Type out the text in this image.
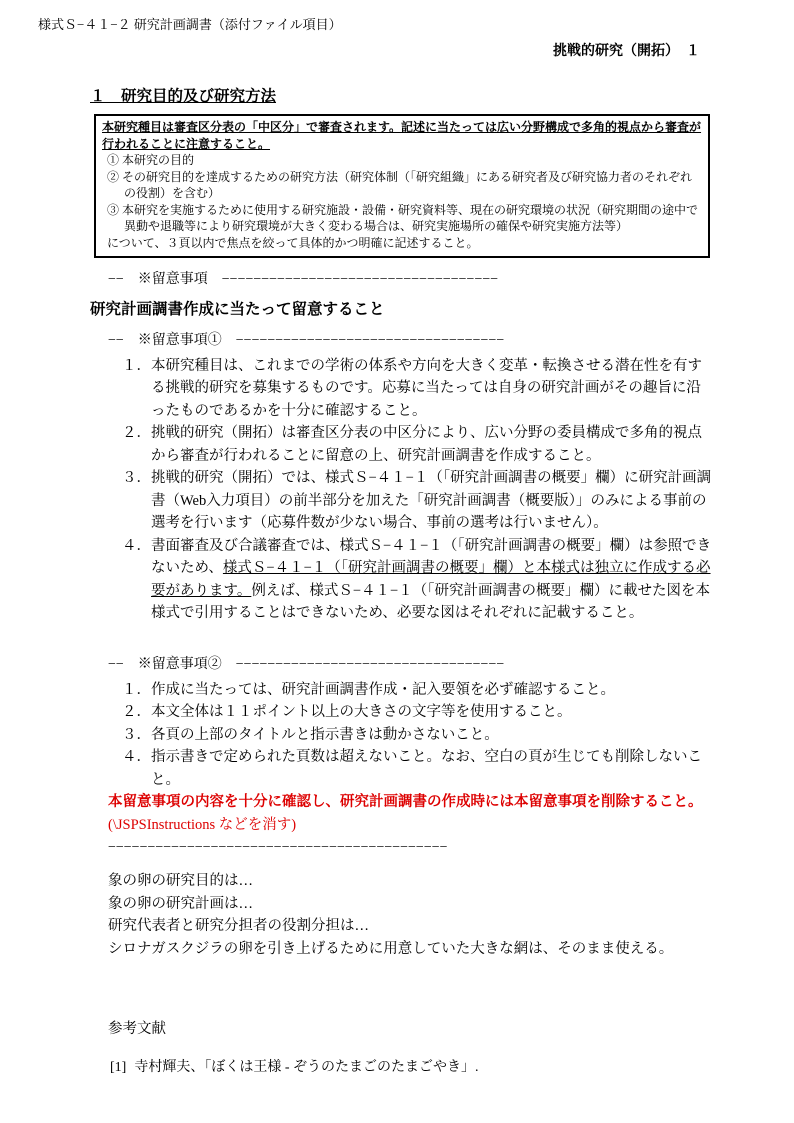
様式Ｓ−４１−２ 研究計画調書（添付ファイル項目）
挑戦的研究（開拓）　１
１　研究目的及び研究方法
本研究種目は審査区分表の「中区分」で審査されます。記述に当たっては広い分野構成で多角的視点から審査が行われることに注意すること。
① 本研究の目的
② その研究目的を達成するための研究方法（研究体制（「研究組織」にある研究者及び研究協力者のそれぞれの役割）を含む）
③ 本研究を実施するために使用する研究施設・設備・研究資料等、現在の研究環境の状況（研究期間の途中で異動や退職等により研究環境が大きく変わる場合は、研究実施場所の確保や研究実施方法等）
について、３頁以内で焦点を絞って具体的かつ明確に記述すること。
−−　※留意事項　−−−−−−−−−−−−−−−−−−−−−−−−−−−−−−−−−−−
研究計画調書作成に当たって留意すること
−−　※留意事項①　−−−−−−−−−−−−−−−−−−−−−−−−−−−−−−−−−−
１．本研究種目は、これまでの学術の体系や方向を大きく変革・転換させる潜在性を有する挑戦的研究を募集するものです。応募に当たっては自身の研究計画がその趣旨に沿ったものであるかを十分に確認すること。
２．挑戦的研究（開拓）は審査区分表の中区分により、広い分野の委員構成で多角的視点から審査が行われることに留意の上、研究計画調書を作成すること。
３．挑戦的研究（開拓）では、様式Ｓ−４１−１（「研究計画調書の概要」欄）に研究計画調書（Web入力項目）の前半部分を加えた「研究計画調書（概要版）」のみによる事前の選考を行います（応募件数が少ない場合、事前の選考は行いません）。
４．書面審査及び合議審査では、様式Ｓ−４１−１（「研究計画調書の概要」欄）は参照できないため、様式Ｓ−４１−１（「研究計画調書の概要」欄）と本様式は独立に作成する必要があります。例えば、様式Ｓ−４１−１（「研究計画調書の概要」欄）に載せた図を本様式で引用することはできないため、必要な図はそれぞれに記載すること。
−−　※留意事項②　−−−−−−−−−−−−−−−−−−−−−−−−−−−−−−−−−−
１．作成に当たっては、研究計画調書作成・記入要領を必ず確認すること。
２．本文全体は１１ポイント以上の大きさの文字等を使用すること。
３．各頁の上部のタイトルと指示書きは動かさないこと。
４．指示書きで定められた頁数は超えないこと。なお、空白の頁が生じても削除しないこと。
本留意事項の内容を十分に確認し、研究計画調書の作成時には本留意事項を削除すること。
(\JSPSInstructions などを消す)
−−−−−−−−−−−−−−−−−−−−−−−−−−−−−−−−−−−−−−−−−−−
象の卵の研究目的は…
象の卵の研究計画は…
研究代表者と研究分担者の役割分担は…
シロナガスクジラの卵を引き上げるために用意していた大きな網は、そのまま使える。
参考文献
[1] 寺村輝夫、「ぼくは王様 - ぞうのたまごのたまごやき」.
